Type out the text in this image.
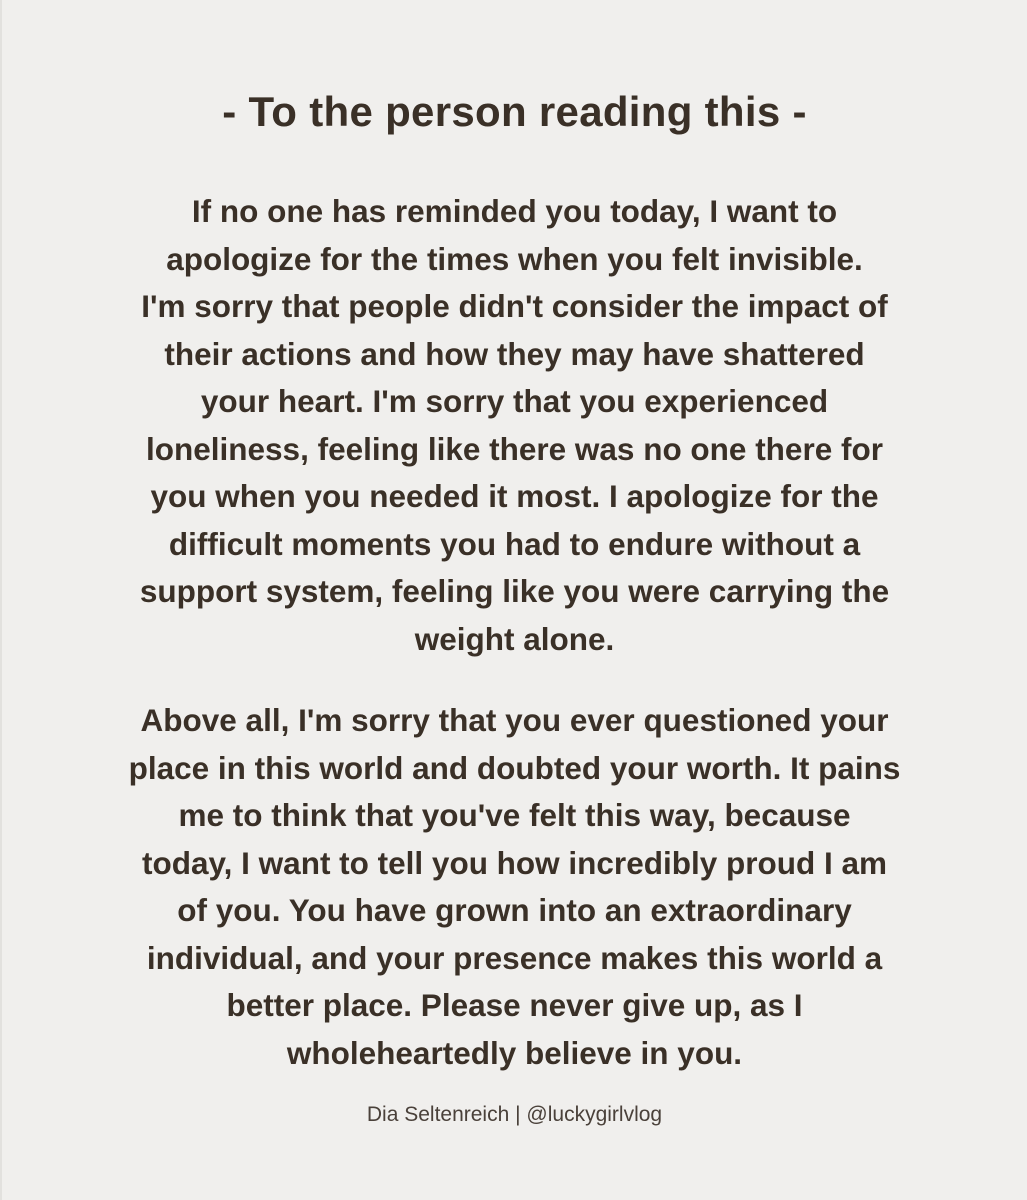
- To the person reading this -
If no one has reminded you today, I want to
apologize for the times when you felt invisible.
I'm sorry that people didn't consider the impact of
their actions and how they may have shattered
your heart. I'm sorry that you experienced
loneliness, feeling like there was no one there for
you when you needed it most. I apologize for the
difficult moments you had to endure without a
support system, feeling like you were carrying the
weight alone.
Above all, I'm sorry that you ever questioned your
place in this world and doubted your worth. It pains
me to think that you've felt this way, because
today, I want to tell you how incredibly proud I am
of you. You have grown into an extraordinary
individual, and your presence makes this world a
better place. Please never give up, as I
wholeheartedly believe in you.
Dia Seltenreich | @luckygirlvlog
